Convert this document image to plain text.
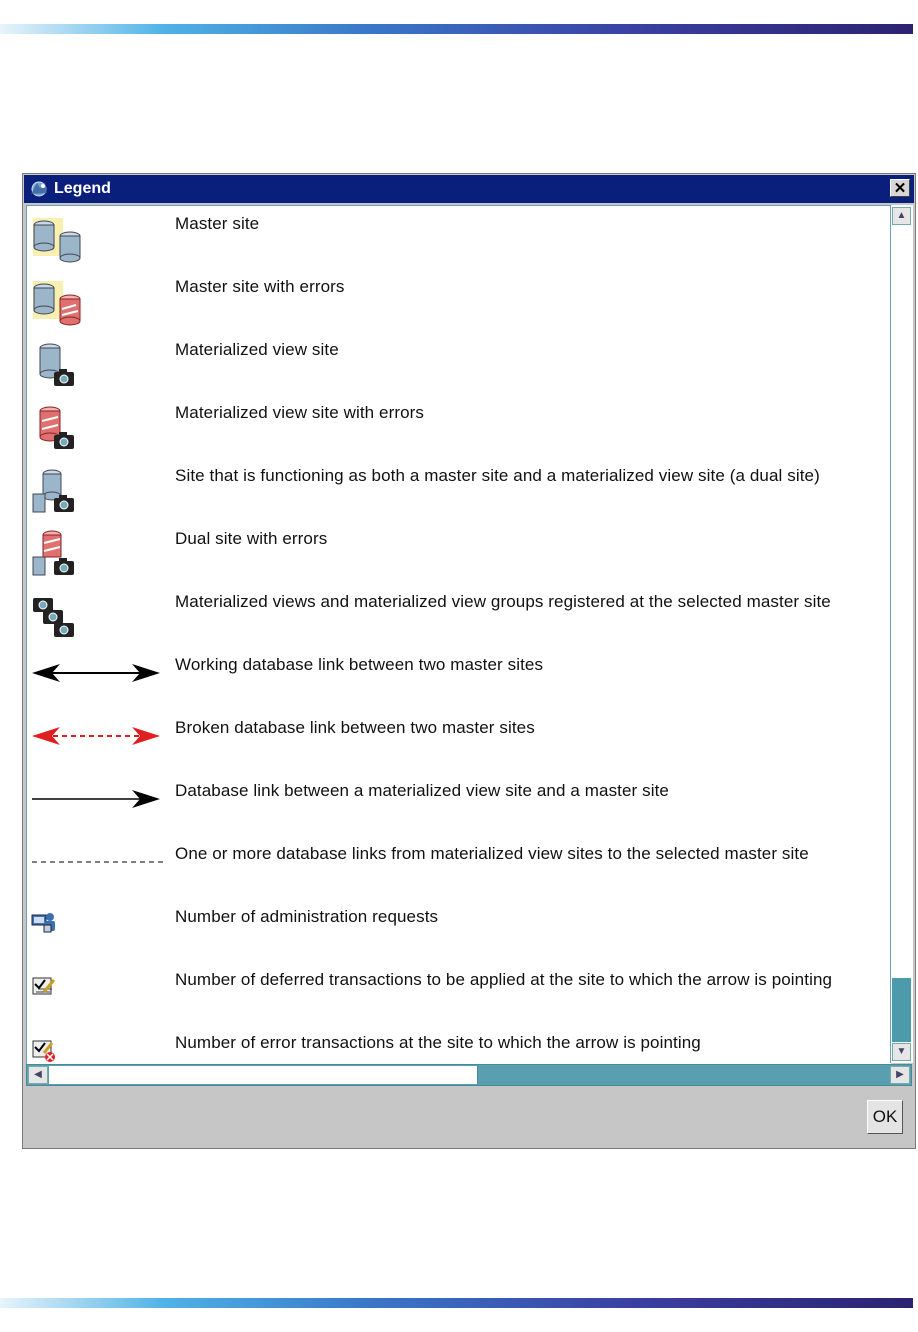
Legend	✕
Master site
Master site with errors
Materialized view site
Materialized view site with errors
Site that is functioning as both a master site and a materialized view site (a dual site)
Dual site with errors
Materialized views and materialized view groups registered at the selected master site
Working database link between two master sites
Broken database link between two master sites
Database link between a materialized view site and a master site
One or more database links from materialized view sites to the selected master site
Number of administration requests
Number of deferred transactions to be applied at the site to which the arrow is pointing
Number of error transactions at the site to which the arrow is pointing
▲
▼
◀	▶
OK
